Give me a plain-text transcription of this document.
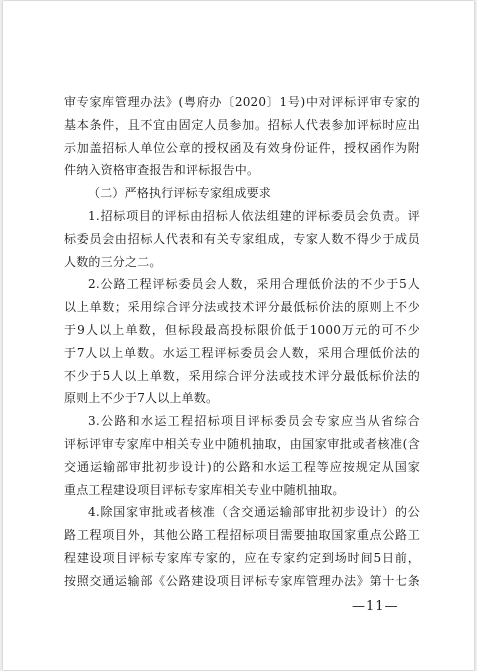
审专家库管理办法》(粤府办〔2020〕1号)中对评标评审专家的
基本条件，且不宜由固定人员参加。招标人代表参加评标时应出
示加盖招标人单位公章的授权函及有效身份证件，授权函作为附
件纳入资格审查报告和评标报告中。
（二）严格执行评标专家组成要求
1.招标项目的评标由招标人依法组建的评标委员会负责。评
标委员会由招标人代表和有关专家组成，专家人数不得少于成员
人数的三分之二。
2.公路工程评标委员会人数，采用合理低价法的不少于5人
以上单数；采用综合评分法或技术评分最低标价法的原则上不少
于9人以上单数，但标段最高投标限价低于1000万元的可不少
于7人以上单数。水运工程评标委员会人数，采用合理低价法的
不少于5人以上单数，采用综合评分法或技术评分最低标价法的
原则上不少于7人以上单数。
3.公路和水运工程招标项目评标委员会专家应当从省综合
评标评审专家库中相关专业中随机抽取，由国家审批或者核准(含
交通运输部审批初步设计)的公路和水运工程等应按规定从国家
重点工程建设项目评标专家库相关专业中随机抽取。
4.除国家审批或者核准（含交通运输部审批初步设计）的公
路工程项目外，其他公路工程招标项目需要抽取国家重点公路工
程建设项目评标专家库专家的，应在专家约定到场时间5日前，
按照交通运输部《公路建设项目评标专家库管理办法》第十七条
—11—
